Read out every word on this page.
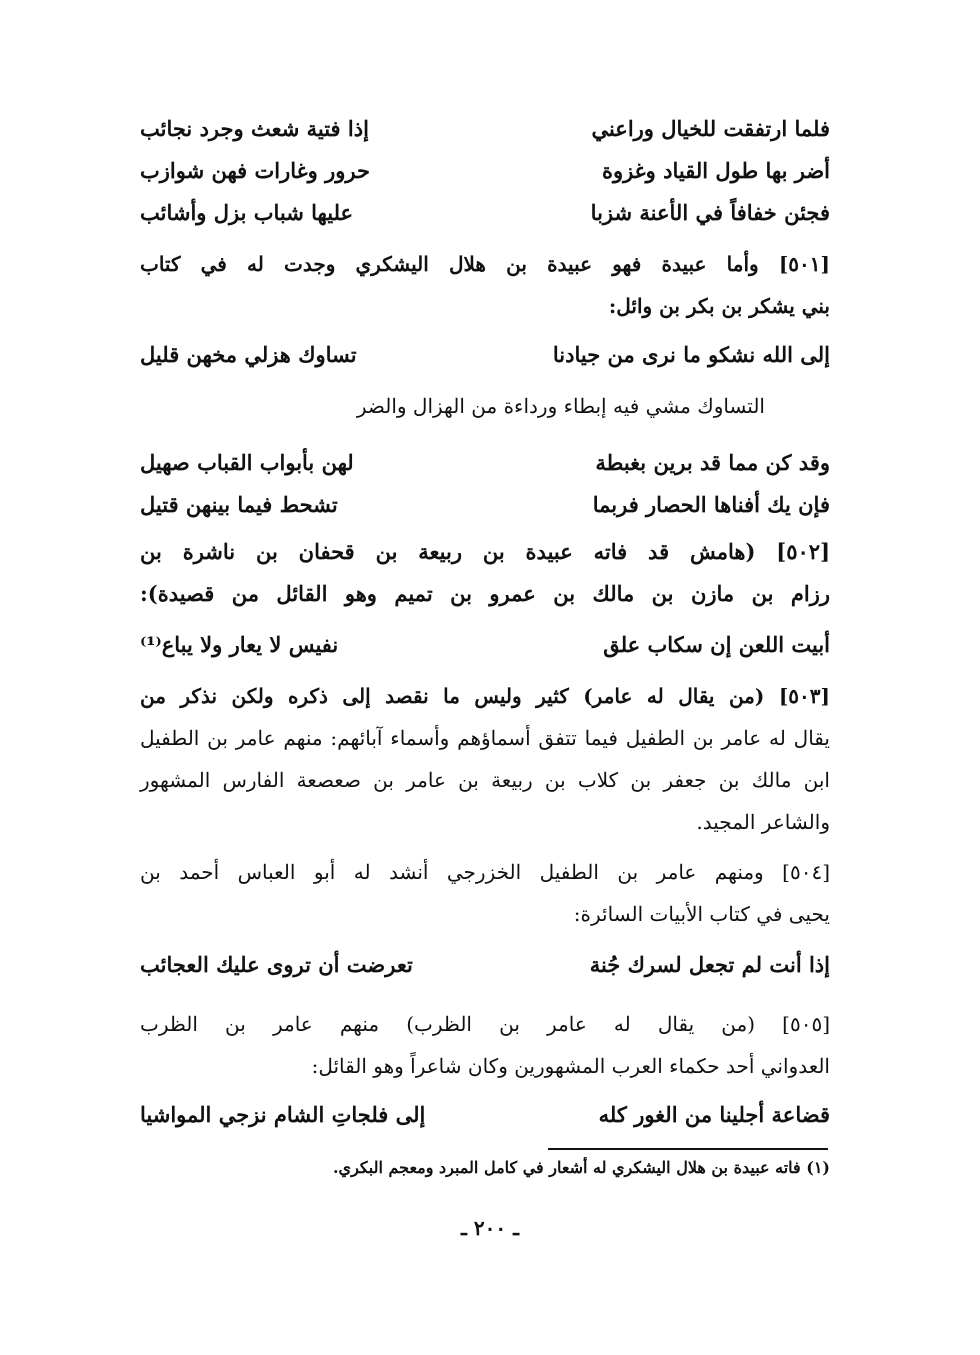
فلما ارتفقت للخيال وراعني
إذا فتية شعث وجرد نجائب
أضر بها طول القياد وغزوة
حرور وغارات فهن شوازب
فجئن خفافاً في الأعنة شزبا
عليها شباب بزل وأشائب
[٥٠١] وأما عبيدة فهو عبيدة بن هلال اليشكري وجدت له في كتاب
بني يشكر بن بكر بن وائل:
إلى الله نشكو ما نرى من جيادنا
تساوك هزلي مخهن قليل
التساوك مشي فيه إبطاء ورداءة من الهزال والضر
وقد كن مما قد برين بغبطة
لهن بأبواب القباب صهيل
فإن يك أفناها الحصار فربما
تشحط فيما بينهن قتيل
[٥٠٢] (هامش قد فاته عبيدة بن ربيعة بن قحفان بن ناشرة بن
رزام بن مازن بن مالك بن عمرو بن تميم وهو القائل من قصيدة):
أبيت اللعن إن سكاب علق
نفيس لا يعار ولا يباع⁽¹⁾
[٥٠٣] (من يقال له عامر) كثير وليس ما نقصد إلى ذكره ولكن نذكر من
يقال له عامر بن الطفيل فيما تتفق أسماؤهم وأسماء آبائهم: منهم عامر بن الطفيل
ابن مالك بن جعفر بن كلاب بن ربيعة بن عامر بن صعصعة الفارس المشهور
والشاعر المجيد.
[٥٠٤] ومنهم عامر بن الطفيل الخزرجي أنشد له أبو العباس أحمد بن
يحيى في كتاب الأبيات السائرة:
إذا أنت لم تجعل لسرك جُنة
تعرضت أن تروى عليك العجائب
[٥٠٥] (من يقال له عامر بن الظرب) منهم عامر بن الظرب
العدواني أحد حكماء العرب المشهورين وكان شاعراً وهو القائل:
قضاعة أجلينا من الغور كله
إلى فلجاتِ الشام نزجي المواشيا
(١) فاته عبيدة بن هلال اليشكري له أشعار في كامل المبرد ومعجم البكري.
ـ ٢٠٠ ـ
